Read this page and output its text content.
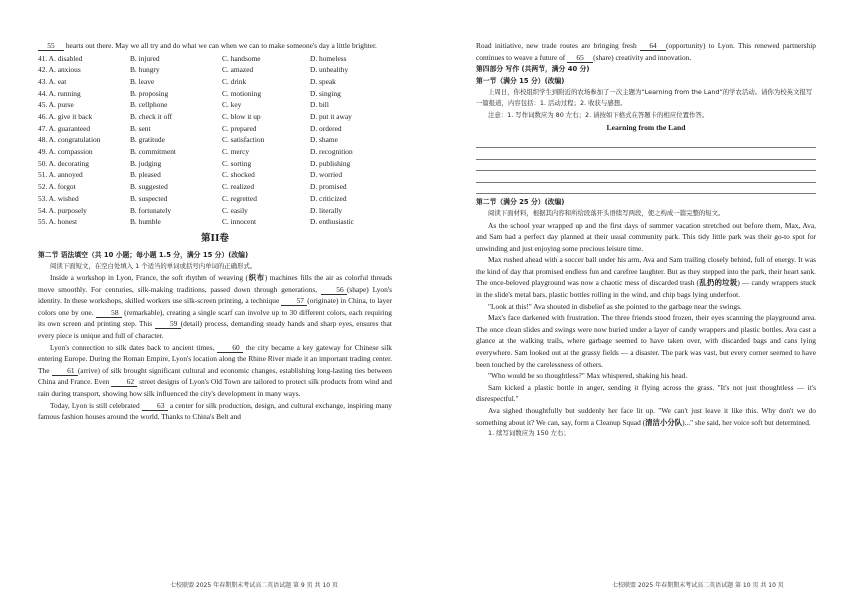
55 hearts out there. May we all try and do what we can when we can to make someone's day a little brighter.

41. A. disabled	B. injured	C. handsome	D. homeless
42. A. anxious	B. hungry	C. amazed	D. unhealthy
43. A. eat	B. leave	C. drink	D. speak
44. A. running	B. proposing	C. motioning	D. singing
45. A. purse	B. cellphone	C. key	D. bill
46. A. give it back	B. check it off	C. blow it up	D. put it away
47. A. guaranteed	B. sent	C. prepared	D. ordered
48. A. congratulation	B. gratitude	C. satisfaction	D. shame
49. A. compassion	B. commitment	C. mercy	D. recognition
50. A. decorating	B. judging	C. sorting	D. publishing
51. A. annoyed	B. pleased	C. shocked	D. worried
52. A. forgot	B. suggested	C. realized	D. promised
53. A. wished	B. suspected	C. regretted	D. criticized
54. A. purposely	B. fortunately	C. easily	D. literally
55. A. honest	B. humble	C. innocent	D. enthusiastic
第II卷

第二节 语法填空（共 10 小题；每小题 1.5 分，满分 15 分）(改编)

阅读下面短文，在空白处填入 1 个适当的单词或括号内单词的正确形式。

Inside a workshop in Lyon, France, the soft rhythm of weaving (织布) machines fills the air as colorful threads move smoothly. For centuries, silk-making traditions, passed down through generations, 56 (shape) Lyon's identity. In these workshops, skilled workers use silk-screen printing, a technique 57 (originate) in China, to layer colors one by one. 58 (remarkable), creating a single scarf can involve up to 30 different colors, each requiring its own screen and printing step. This 59 (detail) process, demanding steady hands and sharp eyes, ensures that every piece is unique and full of character.

Lyon's connection to silk dates back to ancient times, 60 the city became a key gateway for Chinese silk entering Europe. During the Roman Empire, Lyon's location along the Rhine River made it an important trading center. The 61 (arrive) of silk brought significant cultural and economic changes, establishing long-lasting ties between China and France. Even 62 street designs of Lyon's Old Town are tailored to protect silk products from wind and rain during transport, showing how silk influenced the city's development in many ways.

Today, Lyon is still celebrated 63 a center for silk production, design, and cultural exchange, inspiring many famous fashion houses around the world. Thanks to China's Belt and

Road initiative, new trade routes are bringing fresh 64 (opportunity) to Lyon. This renewed partnership continues to weave a future of 65 (share) creativity and innovation.

第四部分 写作 (共两节，满分 40 分)

第一节（满分 15 分）(改编)

上周日，你校组织学生到附近的农场参加了一次主题为“Learning from the Land”的学农活动。请你为校英文报写一篇报道，内容包括：1. 活动过程；2. 收获与感想。

注意：1. 写作词数应为 80 左右；2. 请按如下格式在答题卡的相应位置作答。

Learning from the Land

第二节（满分 25 分）(改编)

阅读下面材料，根据其内容和所给段落开头语续写两段，使之构成一篇完整的短文。

As the school year wrapped up and the first days of summer vacation stretched out before them, Max, Ava, and Sam had a perfect day planned at their usual community park. This tidy little park was their go-to spot for unwinding and just enjoying some precious leisure time.

Max rushed ahead with a soccer ball under his arm, Ava and Sam trailing closely behind, full of energy. It was the kind of day that promised endless fun and carefree laughter. But as they stepped into the park, their heart sank. The once-beloved playground was now a chaotic mess of discarded trash (乱扔的垃圾) — candy wrappers stuck in the slide's metal bars, plastic bottles rolling in the wind, and chip bags lying underfoot.

"Look at this!" Ava shouted in disbelief as she pointed to the garbage near the swings.

Max's face darkened with frustration. The three friends stood frozen, their eyes scanning the playground area. The once clean slides and swings were now buried under a layer of candy wrappers and plastic bottles. Ava cast a glance at the walking trails, where garbage seemed to have taken over, with discarded bags and cans lying everywhere. Sam looked out at the grassy fields — a disaster. The park was vast, but every corner seemed to have been touched by the carelessness of others.

"Who would be so thoughtless?" Max whispered, shaking his head.

Sam kicked a plastic bottle in anger, sending it flying across the grass. "It's not just thoughtless — it's disrespectful."

Ava sighed thoughtfully but suddenly her face lit up. "We can't just leave it like this. Why don't we do something about it? We can, say, form a Cleanup Squad (清洁小分队)..." she said, her voice soft but determined.

1. 续写词数应为 150 左右；

七校联盟 2025 年春期期末考试高二英语试题 第 9 页 共 10 页	七校联盟 2025 年春期期末考试高二英语试题 第 10 页 共 10 页
